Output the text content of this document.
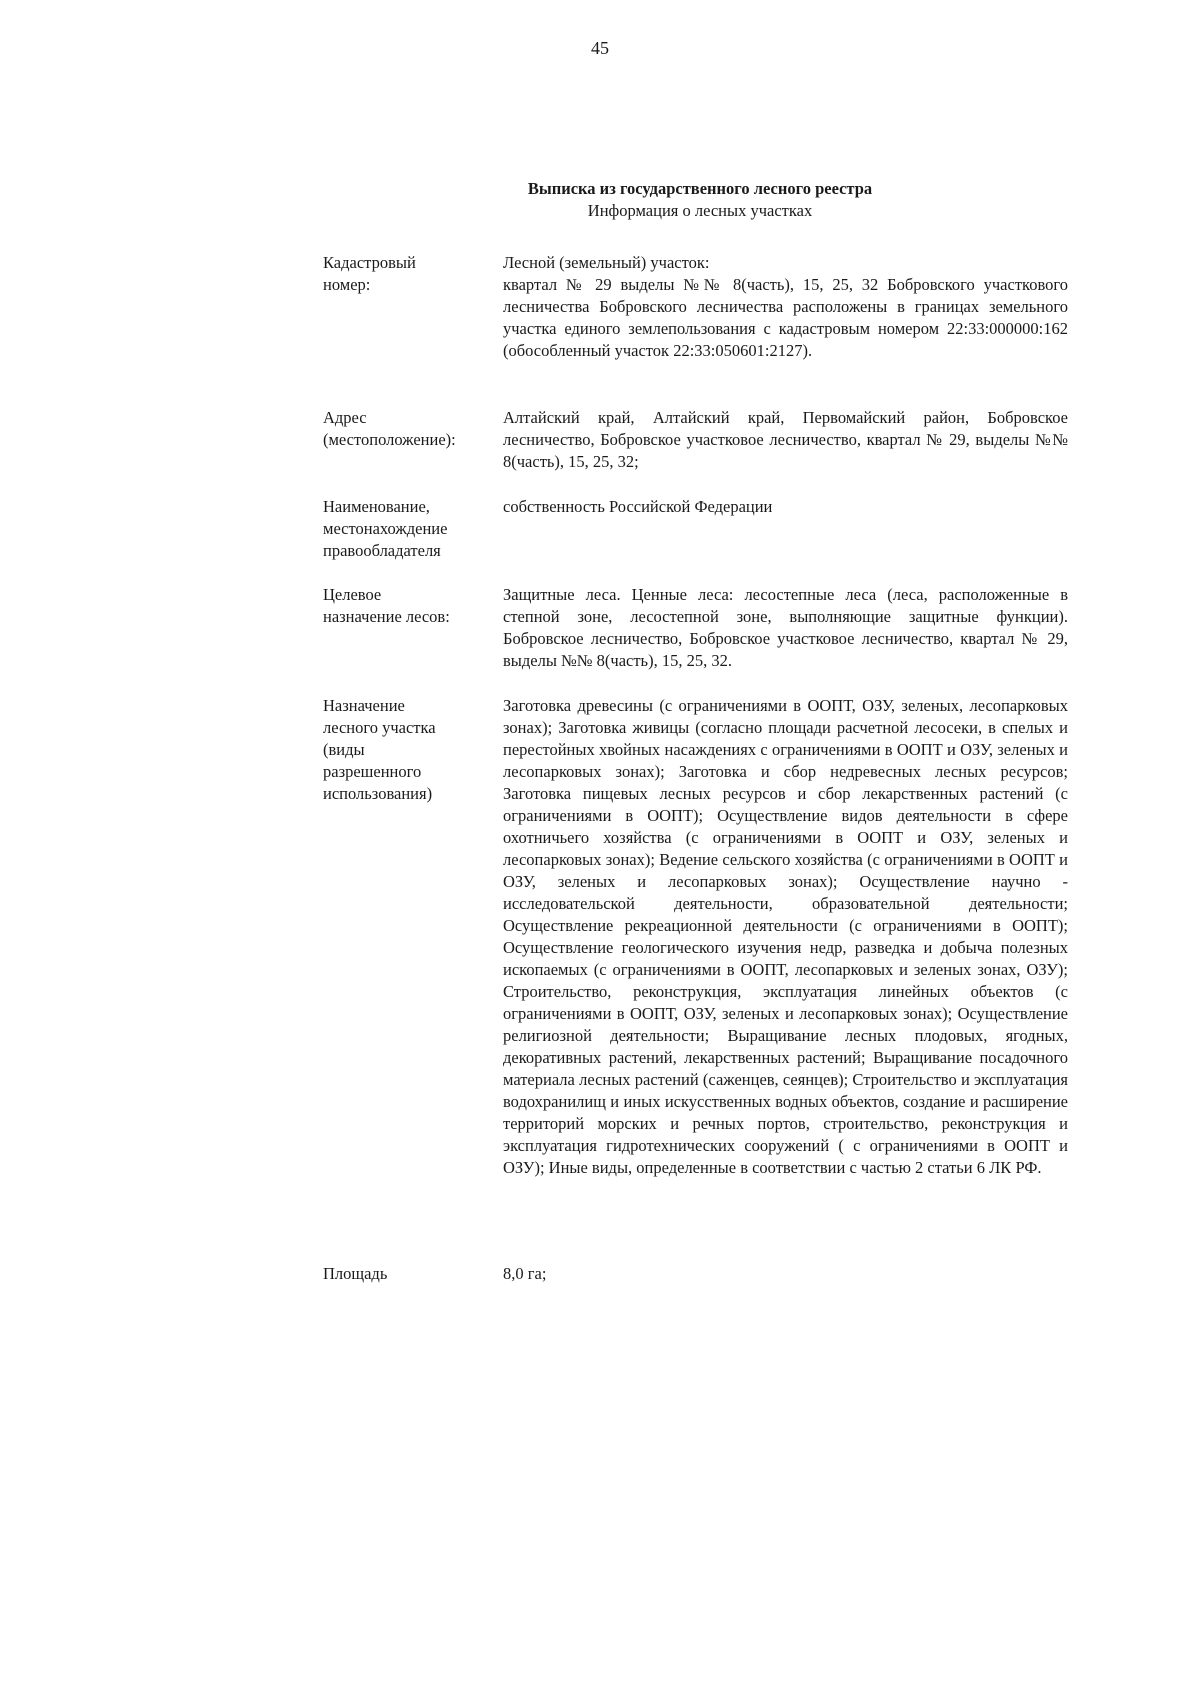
45
Выписка из государственного лесного реестра
Информация о лесных участках
Кадастровый
номер:
Лесной (земельный) участок:
квартал № 29 выделы №№ 8(часть), 15, 25, 32 Бобровского участкового лесничества Бобровского лесничества расположены в границах земельного участка единого землепользования с кадастровым номером 22:33:000000:162 (обособленный участок 22:33:050601:2127).
Адрес
(местоположение):
Алтайский край, Алтайский край, Первомайский район, Бобровское лесничество, Бобровское участковое лесничество, квартал № 29, выделы №№ 8(часть), 15, 25, 32;
Наименование,
местонахождение
правообладателя
собственность Российской Федерации
Целевое
назначение лесов:
Защитные леса. Ценные леса: лесостепные леса (леса, расположенные в степной зоне, лесостепной зоне, выполняющие защитные функции). Бобровское лесничество, Бобровское участковое лесничество, квартал № 29, выделы №№ 8(часть), 15, 25, 32.
Назначение
лесного участка
(виды
разрешенного
использования)
Заготовка древесины (с ограничениями в ООПТ, ОЗУ, зеленых, лесопарковых зонах); Заготовка живицы (согласно площади расчетной лесосеки, в спелых и перестойных хвойных насаждениях с ограничениями в ООПТ и ОЗУ, зеленых и лесопарковых зонах); Заготовка и сбор недревесных лесных ресурсов; Заготовка пищевых лесных ресурсов и сбор лекарственных растений (с ограничениями в ООПТ); Осуществление видов деятельности в сфере охотничьего хозяйства (с ограничениями в ООПТ и ОЗУ, зеленых и лесопарковых зонах); Ведение сельского хозяйства (с ограничениями в ООПТ и ОЗУ, зеленых и лесопарковых зонах); Осуществление научно - исследовательской деятельности, образовательной деятельности; Осуществление рекреационной деятельности (с ограничениями в ООПТ); Осуществление геологического изучения недр, разведка и добыча полезных ископаемых (с ограничениями в ООПТ, лесопарковых и зеленых зонах, ОЗУ); Строительство, реконструкция, эксплуатация линейных объектов (с ограничениями в ООПТ, ОЗУ, зеленых и лесопарковых зонах); Осуществление религиозной деятельности; Выращивание лесных плодовых, ягодных, декоративных растений, лекарственных растений; Выращивание посадочного материала лесных растений (саженцев, сеянцев); Строительство и эксплуатация водохранилищ и иных искусственных водных объектов, создание и расширение территорий морских и речных портов, строительство, реконструкция и эксплуатация гидротехнических сооружений ( с ограничениями в ООПТ и ОЗУ); Иные виды, определенные в соответствии с частью 2 статьи 6 ЛК РФ.
Площадь	8,0 га;
